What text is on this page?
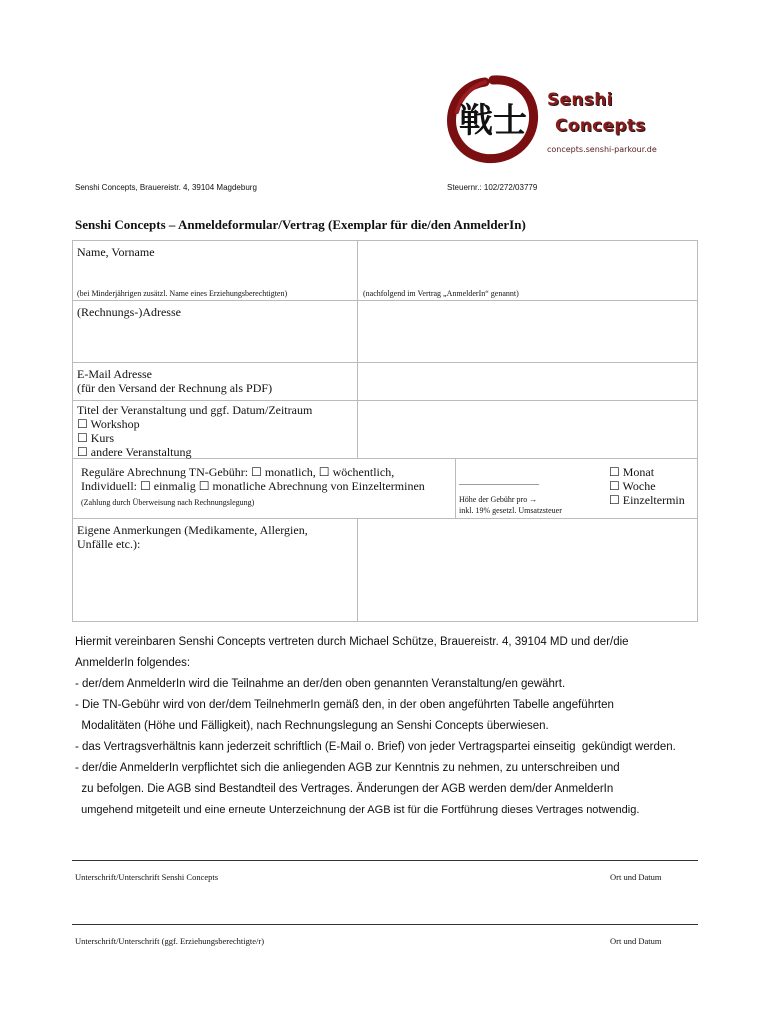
戦士
Senshi
Concepts
concepts.senshi-parkour.de
Senshi Concepts, Brauereistr. 4, 39104 Magdeburg	Steuernr.: 102/272/03779
Senshi Concepts – Anmeldeformular/Vertrag (Exemplar für die/den AnmelderIn)
Name, Vorname
(bei Minderjährigen zusätzl. Name eines Erziehungsberechtigten)	(nachfolgend im Vertrag „AnmelderIn“ genannt)
(Rechnungs-)Adresse
E-Mail Adresse
(für den Versand der Rechnung als PDF)
Titel der Veranstaltung und ggf. Datum/Zeitraum
☐ Workshop
☐ Kurs
☐ andere Veranstaltung
Reguläre Abrechnung TN-Gebühr: ☐ monatlich, ☐ wöchentlich,
Individuell: ☐ einmalig ☐ monatliche Abrechnung von Einzelterminen
(Zahlung durch Überweisung nach Rechnungslegung)
____________________
Höhe der Gebühr pro →
inkl. 19% gesetzl. Umsatzsteuer
☐ Monat
☐ Woche
☐ Einzeltermin
Eigene Anmerkungen (Medikamente, Allergien,
Unfälle etc.):
Hiermit vereinbaren Senshi Concepts vertreten durch Michael Schütze, Brauereistr. 4, 39104 MD und der/die
AnmelderIn folgendes:
- der/dem AnmelderIn wird die Teilnahme an der/den oben genannten Veranstaltung/en gewährt.
- Die TN-Gebühr wird von der/dem TeilnehmerIn gemäß den, in der oben angeführten Tabelle angeführten
Modalitäten (Höhe und Fälligkeit), nach Rechnungslegung an Senshi Concepts überwiesen.
- das Vertragsverhältnis kann jederzeit schriftlich (E-Mail o. Brief) von jeder Vertragspartei einseitig  gekündigt werden.
- der/die AnmelderIn verpflichtet sich die anliegenden AGB zur Kenntnis zu nehmen, zu unterschreiben und
zu befolgen. Die AGB sind Bestandteil des Vertrages. Änderungen der AGB werden dem/der AnmelderIn
umgehend mitgeteilt und eine erneute Unterzeichnung der AGB ist für die Fortführung dieses Vertrages notwendig.
Unterschrift/Unterschrift Senshi Concepts	Ort und Datum
Unterschrift/Unterschrift (ggf. Erziehungsberechtigte/r)	Ort und Datum
